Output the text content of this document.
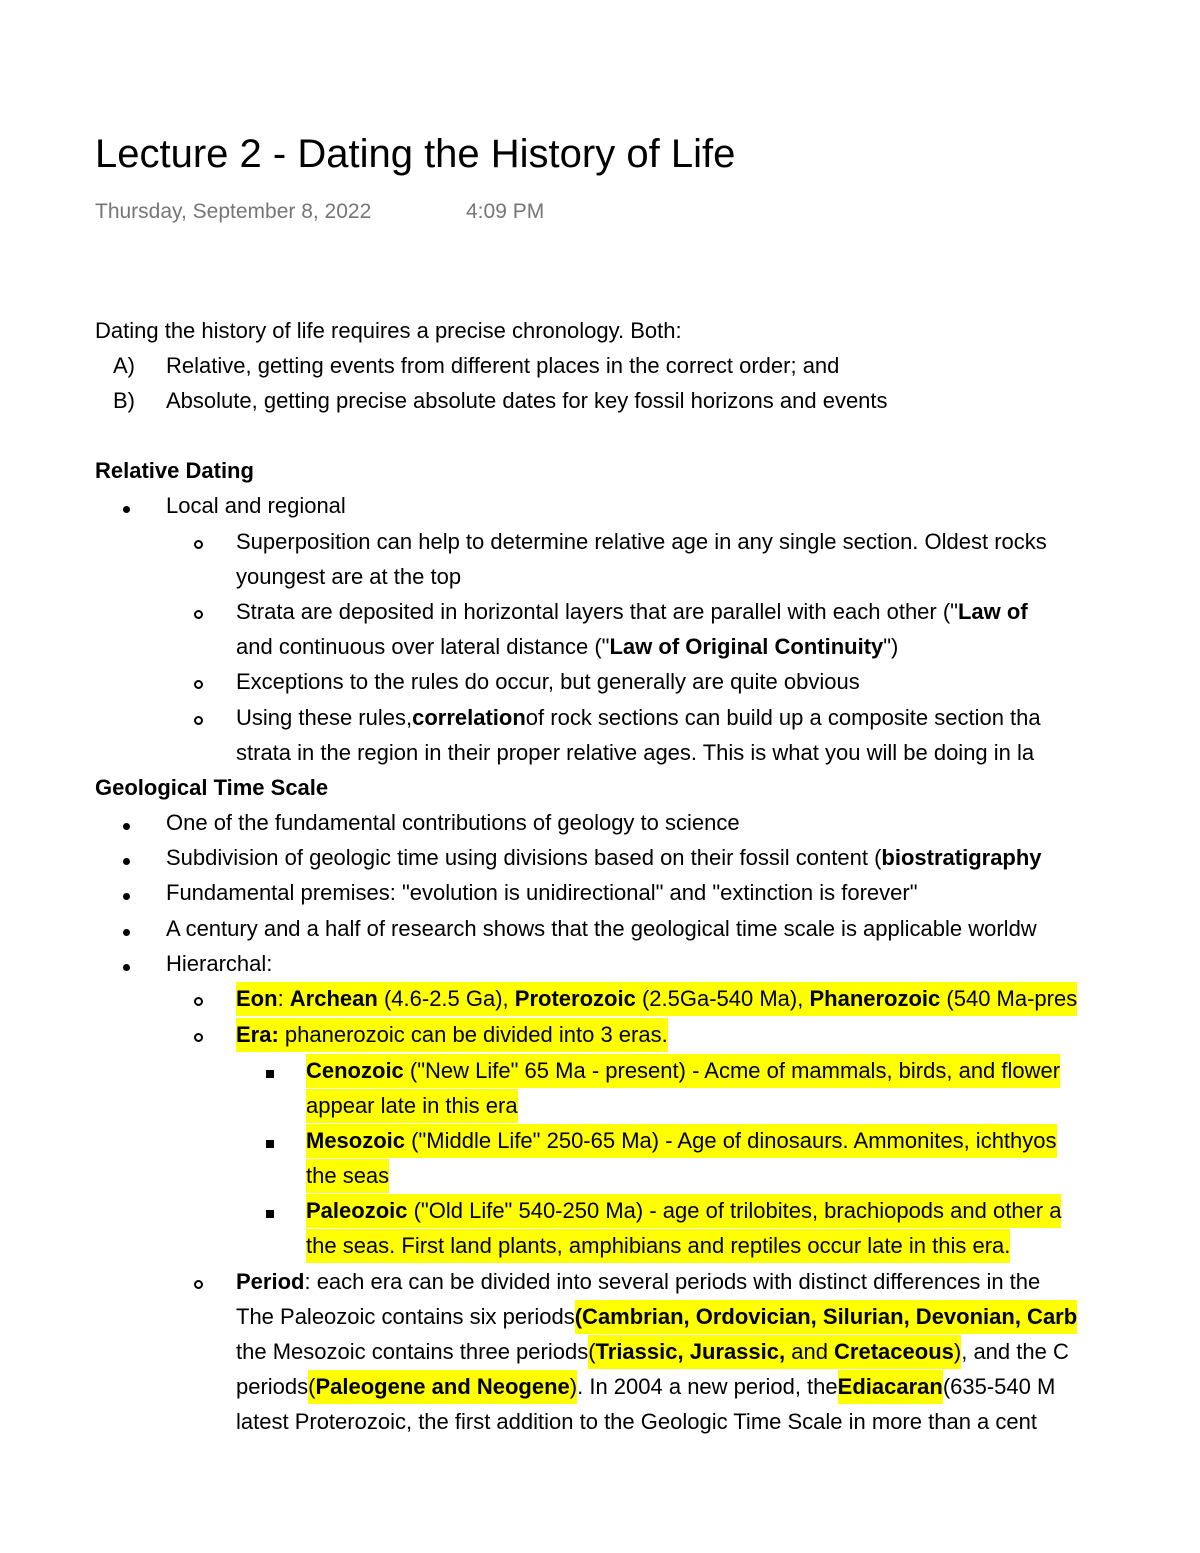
Lecture 2 - Dating the History of Life
Thursday, September 8, 2022	4:09 PM
Dating the history of life requires a precise chronology. Both:
A)	Relative, getting events from different places in the correct order; and
B)	Absolute, getting precise absolute dates for key fossil horizons and events
Relative Dating
Local and regional
Superposition can help to determine relative age in any single section. Oldest rocks
youngest are at the top
Strata are deposited in horizontal layers that are parallel with each other (" Law of
and continuous over lateral distance (" Law of Original Continuity ")
Exceptions to the rules do occur, but generally are quite obvious
Using these rules, correlation of rock sections can build up a composite section tha
strata in the region in their proper relative ages. This is what you will be doing in la
Geological Time Scale
One of the fundamental contributions of geology to science
Subdivision of geologic time using divisions based on their fossil content ( biostratigraphy
Fundamental premises: "evolution is unidirectional" and "extinction is forever"
A century and a half of research shows that the geological time scale is applicable worldw
Hierarchal:
Eon: Archean (4.6-2.5 Ga), Proterozoic (2.5Ga-540 Ma), Phanerozoic (540 Ma-pres
Era: phanerozoic can be divided into 3 eras.
Cenozoic ("New Life" 65 Ma - present) - Acme of mammals, birds, and flower
appear late in this era
Mesozoic ("Middle Life" 250-65 Ma) - Age of dinosaurs. Ammonites, ichthyos
the seas
Paleozoic ("Old Life" 540-250 Ma) - age of trilobites, brachiopods and other a
the seas. First land plants, amphibians and reptiles occur late in this era.
Period : each era can be divided into several periods with distinct differences in the
The Paleozoic contains six periods (Cambrian, Ordovician, Silurian, Devonian, Carb
the Mesozoic contains three periods (Triassic, Jurassic, and Cretaceous) , and the C
periods (Paleogene and Neogene) . In 2004 a new period, the Ediacaran (635-540 M
latest Proterozoic, the first addition to the Geologic Time Scale in more than a cent
